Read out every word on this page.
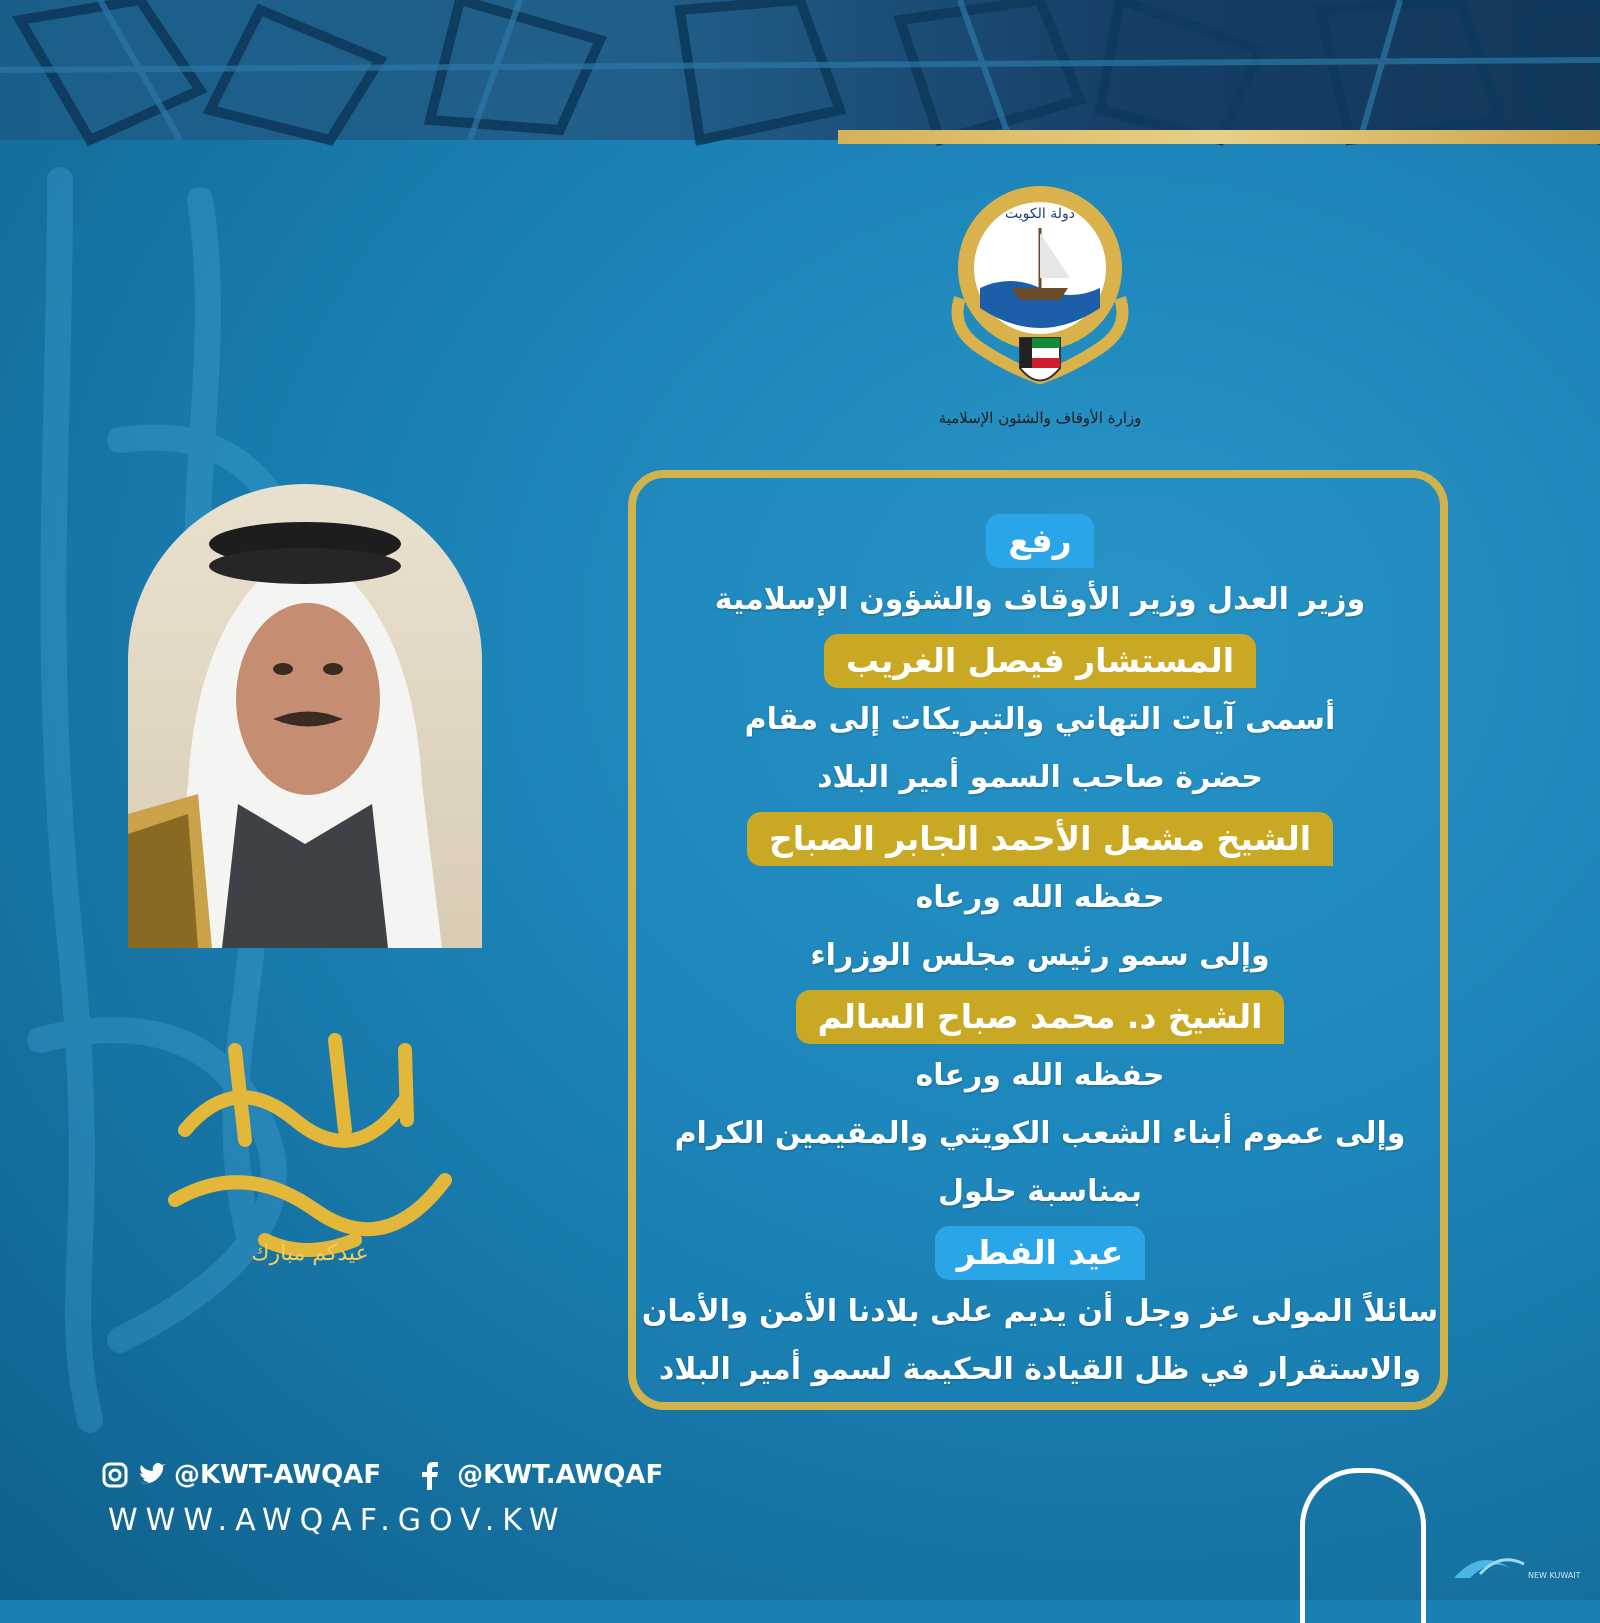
دولة الكويت
وزارة الأوقاف والشئون الإسلامية
رفع
وزير العدل وزير الأوقاف والشؤون الإسلامية
المستشار فيصل الغريب
أسمى آيات التهاني والتبريكات إلى مقام
حضرة صاحب السمو أمير البلاد
الشيخ مشعل الأحمد الجابر الصباح
حفظه الله ورعاه
وإلى سمو رئيس مجلس الوزراء
الشيخ د. محمد صباح السالم
حفظه الله ورعاه
وإلى عموم أبناء الشعب الكويتي والمقيمين الكرام
بمناسبة حلول
عيد الفطر
سائلاً المولى عز وجل أن يديم على بلادنا الأمن والأمان
والاستقرار في ظل القيادة الحكيمة لسمو أمير البلاد
عيدكم مبارك
@KWT-AWQAF	@KWT.AWQAF
WWW.AWQAF.GOV.KW
NEW KUWAIT
